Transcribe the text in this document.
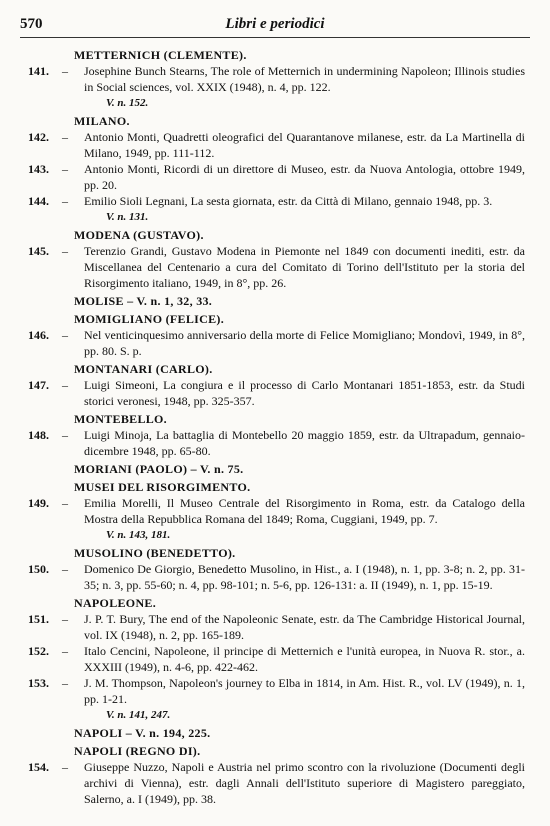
570	Libri e periodici
METTERNICH (CLEMENTE).
141. – Josephine Bunch Stearns, The role of Metternich in undermining Napoleon; Illinois studies in Social sciences, vol. XXIX (1948), n. 4, pp. 122.
V. n. 152.
MILANO.
142. – Antonio Monti, Quadretti oleografici del Quarantanove milanese, estr. da La Martinella di Milano, 1949, pp. 111-112.
143. – Antonio Monti, Ricordi di un direttore di Museo, estr. da Nuova Antologia, ottobre 1949, pp. 20.
144. – Emilio Sioli Legnani, La sesta giornata, estr. da Città di Milano, gennaio 1948, pp. 3.
V. n. 131.
MODENA (GUSTAVO).
145. – Terenzio Grandi, Gustavo Modena in Piemonte nel 1849 con documenti inediti, estr. da Miscellanea del Centenario a cura del Comitato di Torino dell'Istituto per la storia del Risorgimento italiano, 1949, in 8°, pp. 26.
MOLISE – V. n. 1, 32, 33.
MOMIGLIANO (FELICE).
146. – Nel venticinquesimo anniversario della morte di Felice Momigliano; Mondovì, 1949, in 8°, pp. 80. S. p.
MONTANARI (CARLO).
147. – Luigi Simeoni, La congiura e il processo di Carlo Montanari 1851-1853, estr. da Studi storici veronesi, 1948, pp. 325-357.
MONTEBELLO.
148. – Luigi Minoja, La battaglia di Montebello 20 maggio 1859, estr. da Ultrapadum, gennaio-dicembre 1948, pp. 65-80.
MORIANI (PAOLO) – V. n. 75.
MUSEI DEL RISORGIMENTO.
149. – Emilia Morelli, Il Museo Centrale del Risorgimento in Roma, estr. da Catalogo della Mostra della Repubblica Romana del 1849; Roma, Cuggiani, 1949, pp. 7.
V. n. 143, 181.
MUSOLINO (BENEDETTO).
150. – Domenico De Giorgio, Benedetto Musolino, in Hist., a. I (1948), n. 1, pp. 3-8; n. 2, pp. 31-35; n. 3, pp. 55-60; n. 4, pp. 98-101; n. 5-6, pp. 126-131: a. II (1949), n. 1, pp. 15-19.
NAPOLEONE.
151. – J. P. T. Bury, The end of the Napoleonic Senate, estr. da The Cambridge Historical Journal, vol. IX (1948), n. 2, pp. 165-189.
152. – Italo Cencini, Napoleone, il principe di Metternich e l'unità europea, in Nuova R. stor., a. XXXIII (1949), n. 4-6, pp. 422-462.
153. – J. M. Thompson, Napoleon's journey to Elba in 1814, in Am. Hist. R., vol. LV (1949), n. 1, pp. 1-21.
V. n. 141, 247.
NAPOLI – V. n. 194, 225.
NAPOLI (REGNO DI).
154. – Giuseppe Nuzzo, Napoli e Austria nel primo scontro con la rivoluzione (Documenti degli archivi di Vienna), estr. dagli Annali dell'Istituto superiore di Magistero pareggiato, Salerno, a. I (1949), pp. 38.
